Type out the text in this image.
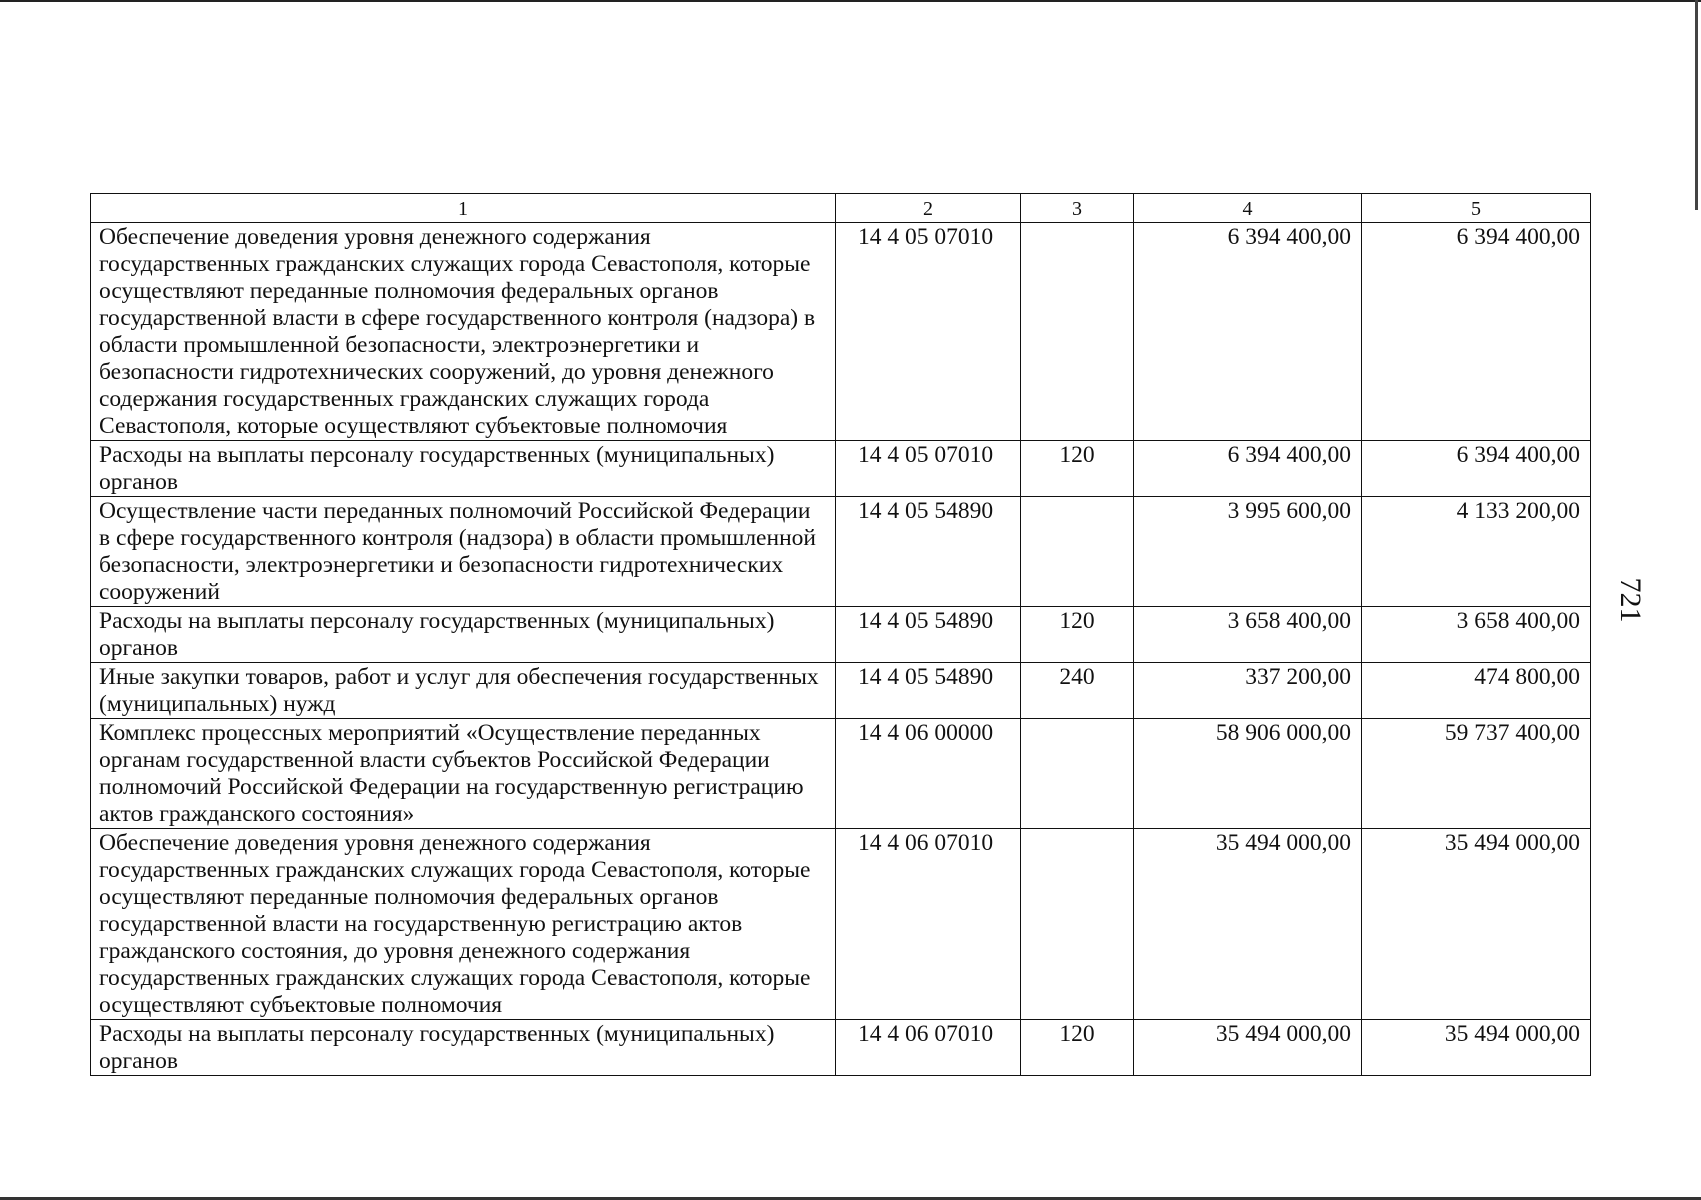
1	2	3	4	5
Обеспечение доведения уровня денежного содержания государственных гражданских служащих города Севастополя, которые осуществляют переданные полномочия федеральных органов государственной власти в сфере государственного контроля (надзора) в области промышленной безопасности, электроэнергетики и безопасности гидротехнических сооружений, до уровня денежного содержания государственных гражданских служащих города Севастополя, которые осуществляют субъектовые полномочия	14 4 05 07010		6 394 400,00	6 394 400,00
Расходы на выплаты персоналу государственных (муниципальных) органов	14 4 05 07010	120	6 394 400,00	6 394 400,00
Осуществление части переданных полномочий Российской Федерации в сфере государственного контроля (надзора) в области промышленной безопасности, электроэнергетики и безопасности гидротехнических сооружений	14 4 05 54890		3 995 600,00	4 133 200,00
Расходы на выплаты персоналу государственных (муниципальных) органов	14 4 05 54890	120	3 658 400,00	3 658 400,00
Иные закупки товаров, работ и услуг для обеспечения государственных (муниципальных) нужд	14 4 05 54890	240	337 200,00	474 800,00
Комплекс процессных мероприятий «Осуществление переданных органам государственной власти субъектов Российской Федерации полномочий Российской Федерации на государственную регистрацию актов гражданского состояния»	14 4 06 00000		58 906 000,00	59 737 400,00
Обеспечение доведения уровня денежного содержания государственных гражданских служащих города Севастополя, которые осуществляют переданные полномочия федеральных органов государственной власти на государственную регистрацию актов гражданского состояния, до уровня денежного содержания государственных гражданских служащих города Севастополя, которые осуществляют субъектовые полномочия	14 4 06 07010		35 494 000,00	35 494 000,00
Расходы на выплаты персоналу государственных (муниципальных) органов	14 4 06 07010	120	35 494 000,00	35 494 000,00
721
